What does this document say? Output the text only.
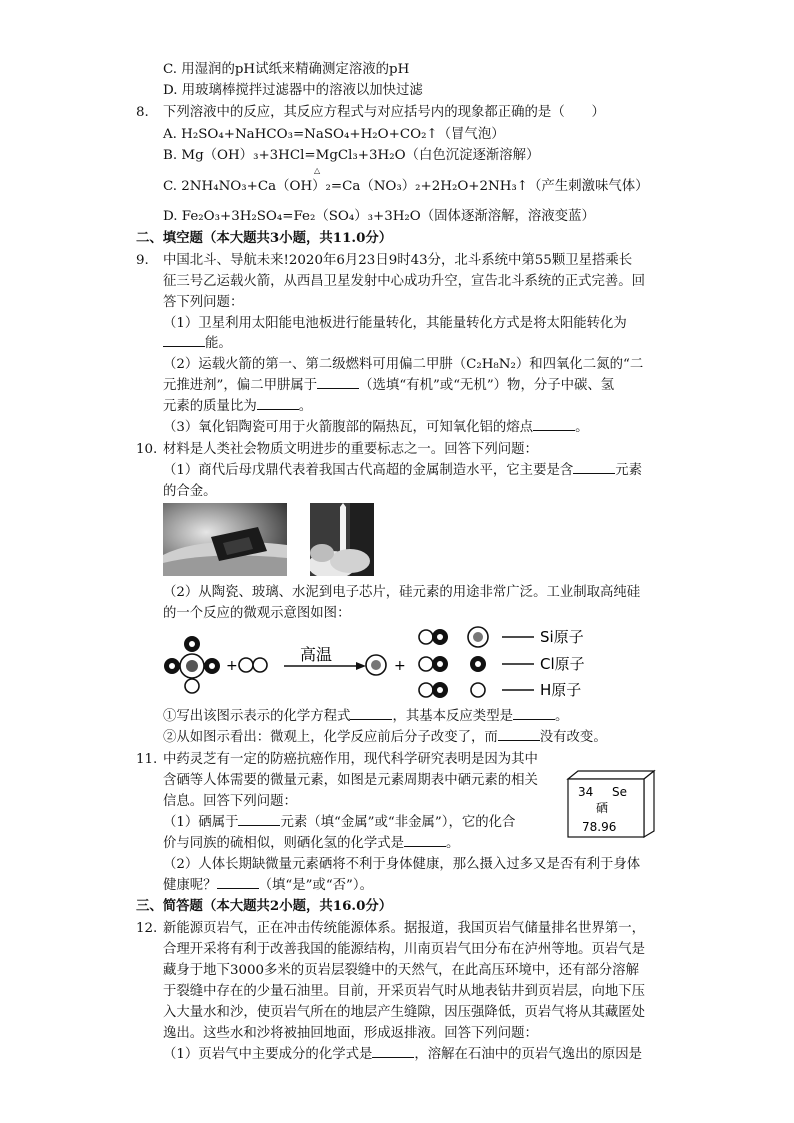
C. 用湿润的pH试纸来精确测定溶液的pH
D. 用玻璃棒搅拌过滤器中的溶液以加快过滤
8. 下列溶液中的反应，其反应方程式与对应括号内的现象都正确的是（　　）
A. H₂SO₄+NaHCO₃=NaSO₄+H₂O+CO₂↑（冒气泡）
B. Mg（OH）₃+3HCl=MgCl₃+3H₂O（白色沉淀逐渐溶解）
△
C. 2NH₄NO₃+Ca（OH）₂=Ca（NO₃）₂+2H₂O+2NH₃↑（产生刺激味气体）
D. Fe₂O₃+3H₂SO₄=Fe₂（SO₄）₃+3H₂O（固体逐渐溶解，溶液变蓝）
二、填空题（本大题共3小题，共11.0分）
9. 中国北斗、导航未来!2020年6月23日9时43分，北斗系统中第55颗卫星搭乘长
征三号乙运载火箭，从西昌卫星发射中心成功升空，宣告北斗系统的正式完善。回
答下列问题：
（1）卫星利用太阳能电池板进行能量转化，其能量转化方式是将太阳能转化为
能。
（2）运载火箭的第一、第二级燃料可用偏二甲肼（C₂H₈N₂）和四氧化二氮的“二
元推进剂”，偏二甲肼属于	（选填“有机”或“无机”）物，分子中碳、氢
元素的质量比为	。
（3）氧化铝陶瓷可用于火箭腹部的隔热瓦，可知氧化铝的熔点	。
10. 材料是人类社会物质文明进步的重要标志之一。回答下列问题：
（1）商代后母戊鼎代表着我国古代高超的金属制造水平，它主要是含	元素
的合金。
（2）从陶瓷、玻璃、水泥到电子芯片，硅元素的用途非常广泛。工业制取高纯硅
的一个反应的微观示意图如图：
+
高温
+
Si原子
Cl原子
H原子
①写出该图示表示的化学方程式	，其基本反应类型是	。
②从如图示看出：微观上，化学反应前后分子改变了，而	没有改变。
11. 中药灵芝有一定的防癌抗癌作用，现代科学研究表明是因为其中
含硒等人体需要的微量元素，如图是元素周期表中硒元素的相关
信息。回答下列问题：
（1）硒属于	元素（填“金属”或“非金属”），它的化合
价与同族的硫相似，则硒化氢的化学式是	。
（2）人体长期缺微量元素硒将不利于身体健康，那么摄入过多又是否有利于身体
健康呢？	（填“是”或“否”）。
34 Se
硒
78.96
三、简答题（本大题共2小题，共16.0分）
12. 新能源页岩气，正在冲击传统能源体系。据报道，我国页岩气储量排名世界第一，
合理开采将有利于改善我国的能源结构，川南页岩气田分布在泸州等地。页岩气是
藏身于地下3000多米的页岩层裂缝中的天然气，在此高压环境中，还有部分溶解
于裂缝中存在的少量石油里。目前，开采页岩气时从地表钻井到页岩层，向地下压
入大量水和沙，使页岩气所在的地层产生缝隙，因压强降低，页岩气将从其藏匿处
逸出。这些水和沙将被抽回地面，形成返排液。回答下列问题：
（1）页岩气中主要成分的化学式是	，溶解在石油中的页岩气逸出的原因是
